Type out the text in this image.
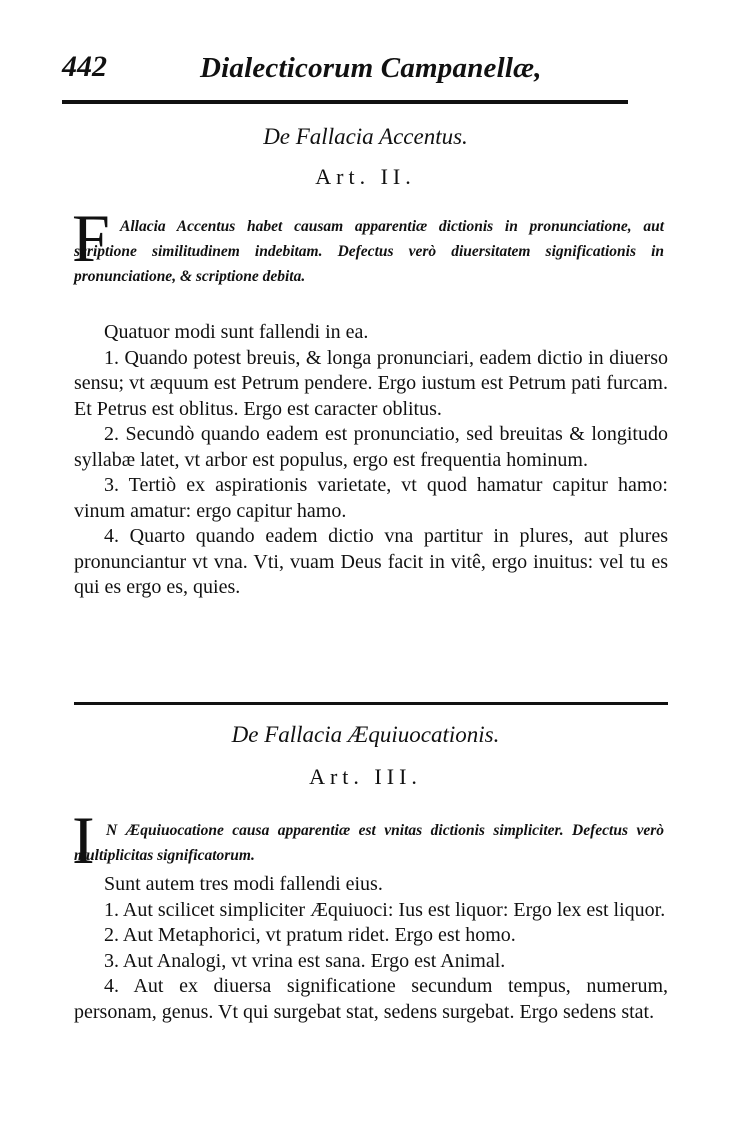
442	Dialecticorum Campanellæ,
De Fallacia Accentus.
Art. II.
F Allacia Accentus habet causam apparentiæ dictionis in pronunciatione, aut scriptione similitudinem indebitam. Defectus verò diuersitatem significationis in pronunciatione, & scriptione debita.

Quatuor modi sunt fallendi in ea.

1. Quando potest breuis, & longa pronunciari, eadem dictio in diuerso sensu; vt æquum est Petrum pendere. Ergo iustum est Petrum pati furcam. Et Petrus est oblitus. Ergo est caracter oblitus.

2. Secundò quando eadem est pronunciatio, sed breuitas & longitudo syllabæ latet, vt arbor est populus, ergo est frequentia hominum.

3. Tertiò ex aspirationis varietate, vt quod hamatur capitur hamo: vinum amatur: ergo capitur hamo.

4. Quarto quando eadem dictio vna partitur in plures, aut plures pronunciantur vt vna. Vti, vuam Deus facit in vitê, ergo inuitus: vel tu es qui es ergo es, quies.

De Fallacia Æquiuocationis.
Art. III.
I N Æquiuocatione causa apparentiæ est vnitas dictionis simpliciter. Defectus verò multiplicitas significatorum.

Sunt autem tres modi fallendi eius.

1. Aut scilicet simpliciter Æquiuoci: Ius est liquor: Ergo lex est liquor.

2. Aut Metaphorici, vt pratum ridet. Ergo est homo.

3. Aut Analogi, vt vrina est sana. Ergo est Animal.

4. Aut ex diuersa significatione secundum tempus, numerum, personam, genus. Vt qui surgebat stat, sedens surgebat. Ergo sedens stat.
